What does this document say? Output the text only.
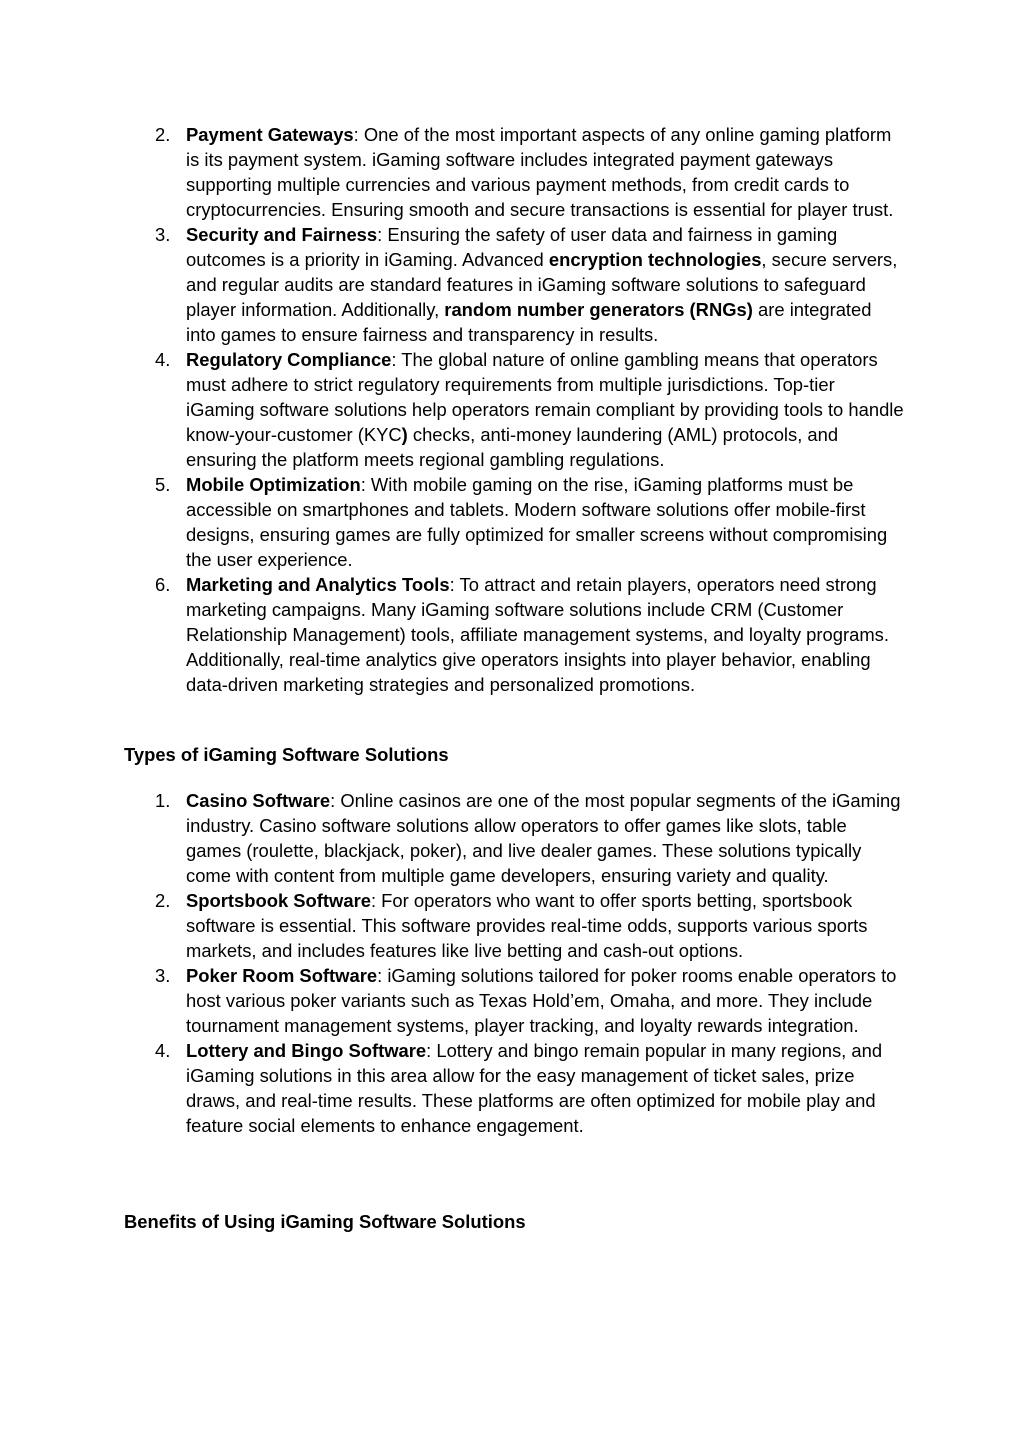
2. Payment Gateways: One of the most important aspects of any online gaming platform is its payment system. iGaming software includes integrated payment gateways supporting multiple currencies and various payment methods, from credit cards to cryptocurrencies. Ensuring smooth and secure transactions is essential for player trust.
3. Security and Fairness: Ensuring the safety of user data and fairness in gaming outcomes is a priority in iGaming. Advanced encryption technologies, secure servers, and regular audits are standard features in iGaming software solutions to safeguard player information. Additionally, random number generators (RNGs) are integrated into games to ensure fairness and transparency in results.
4. Regulatory Compliance: The global nature of online gambling means that operators must adhere to strict regulatory requirements from multiple jurisdictions. Top-tier iGaming software solutions help operators remain compliant by providing tools to handle know-your-customer (KYC) checks, anti-money laundering (AML) protocols, and ensuring the platform meets regional gambling regulations.
5. Mobile Optimization: With mobile gaming on the rise, iGaming platforms must be accessible on smartphones and tablets. Modern software solutions offer mobile-first designs, ensuring games are fully optimized for smaller screens without compromising the user experience.
6. Marketing and Analytics Tools: To attract and retain players, operators need strong marketing campaigns. Many iGaming software solutions include CRM (Customer Relationship Management) tools, affiliate management systems, and loyalty programs. Additionally, real-time analytics give operators insights into player behavior, enabling data-driven marketing strategies and personalized promotions.
Types of iGaming Software Solutions
1. Casino Software: Online casinos are one of the most popular segments of the iGaming industry. Casino software solutions allow operators to offer games like slots, table games (roulette, blackjack, poker), and live dealer games. These solutions typically come with content from multiple game developers, ensuring variety and quality.
2. Sportsbook Software: For operators who want to offer sports betting, sportsbook software is essential. This software provides real-time odds, supports various sports markets, and includes features like live betting and cash-out options.
3. Poker Room Software: iGaming solutions tailored for poker rooms enable operators to host various poker variants such as Texas Hold’em, Omaha, and more. They include tournament management systems, player tracking, and loyalty rewards integration.
4. Lottery and Bingo Software: Lottery and bingo remain popular in many regions, and iGaming solutions in this area allow for the easy management of ticket sales, prize draws, and real-time results. These platforms are often optimized for mobile play and feature social elements to enhance engagement.
Benefits of Using iGaming Software Solutions
